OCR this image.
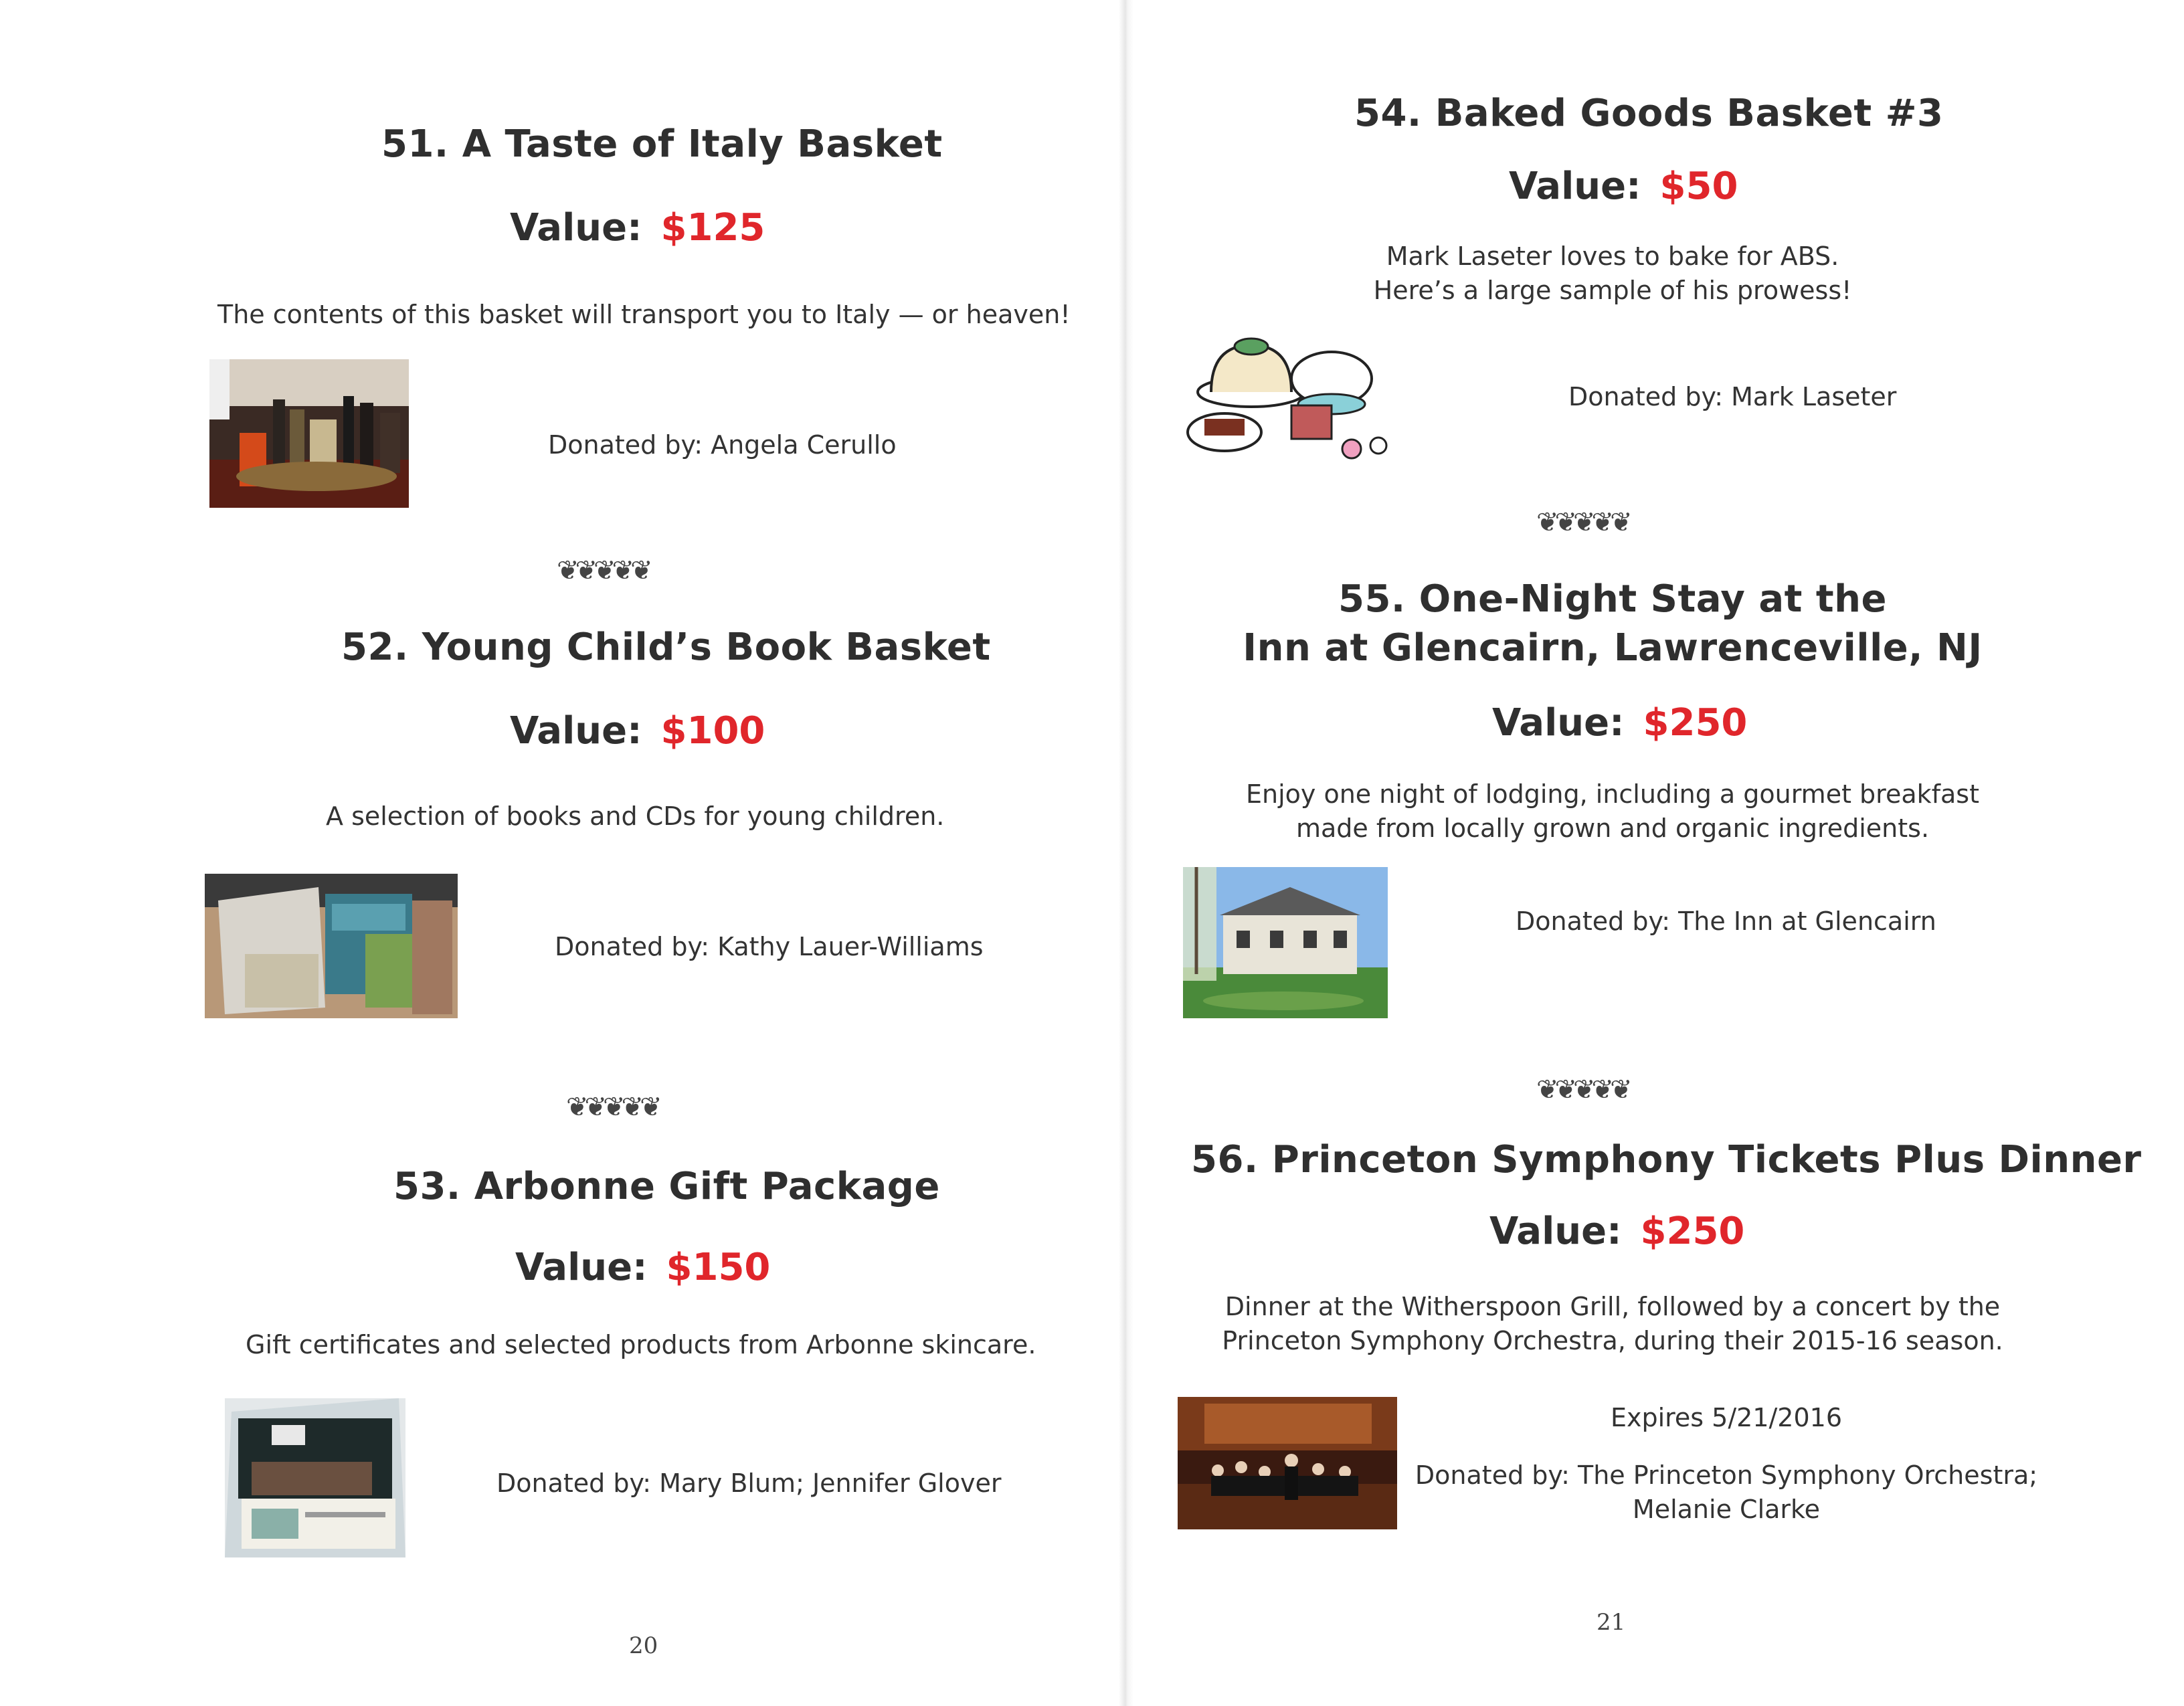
51. A Taste of Italy Basket
Value: $125
The contents of this basket will transport you to Italy — or heaven!
Donated by: Angela Cerullo
❦❦❦❦❦
52. Young Child’s Book Basket
Value: $100
A selection of books and CDs for young children.
Donated by: Kathy Lauer-Williams
❦❦❦❦❦
53. Arbonne Gift Package
Value: $150
Gift certificates and selected products from Arbonne skincare.
Donated by: Mary Blum; Jennifer Glover
20
54. Baked Goods Basket #3
Value: $50
Mark Laseter loves to bake for ABS.
Here’s a large sample of his prowess!
Donated by: Mark Laseter
❦❦❦❦❦
55. One-Night Stay at the
Inn at Glencairn, Lawrenceville, NJ
Value: $250
Enjoy one night of lodging, including a gourmet breakfast
made from locally grown and organic ingredients.
Donated by: The Inn at Glencairn
❦❦❦❦❦
56. Princeton Symphony Tickets Plus Dinner
Value: $250
Dinner at the Witherspoon Grill, followed by a concert by the
Princeton Symphony Orchestra, during their 2015-16 season.
Expires 5/21/2016
Donated by: The Princeton Symphony Orchestra;
Melanie Clarke
21
